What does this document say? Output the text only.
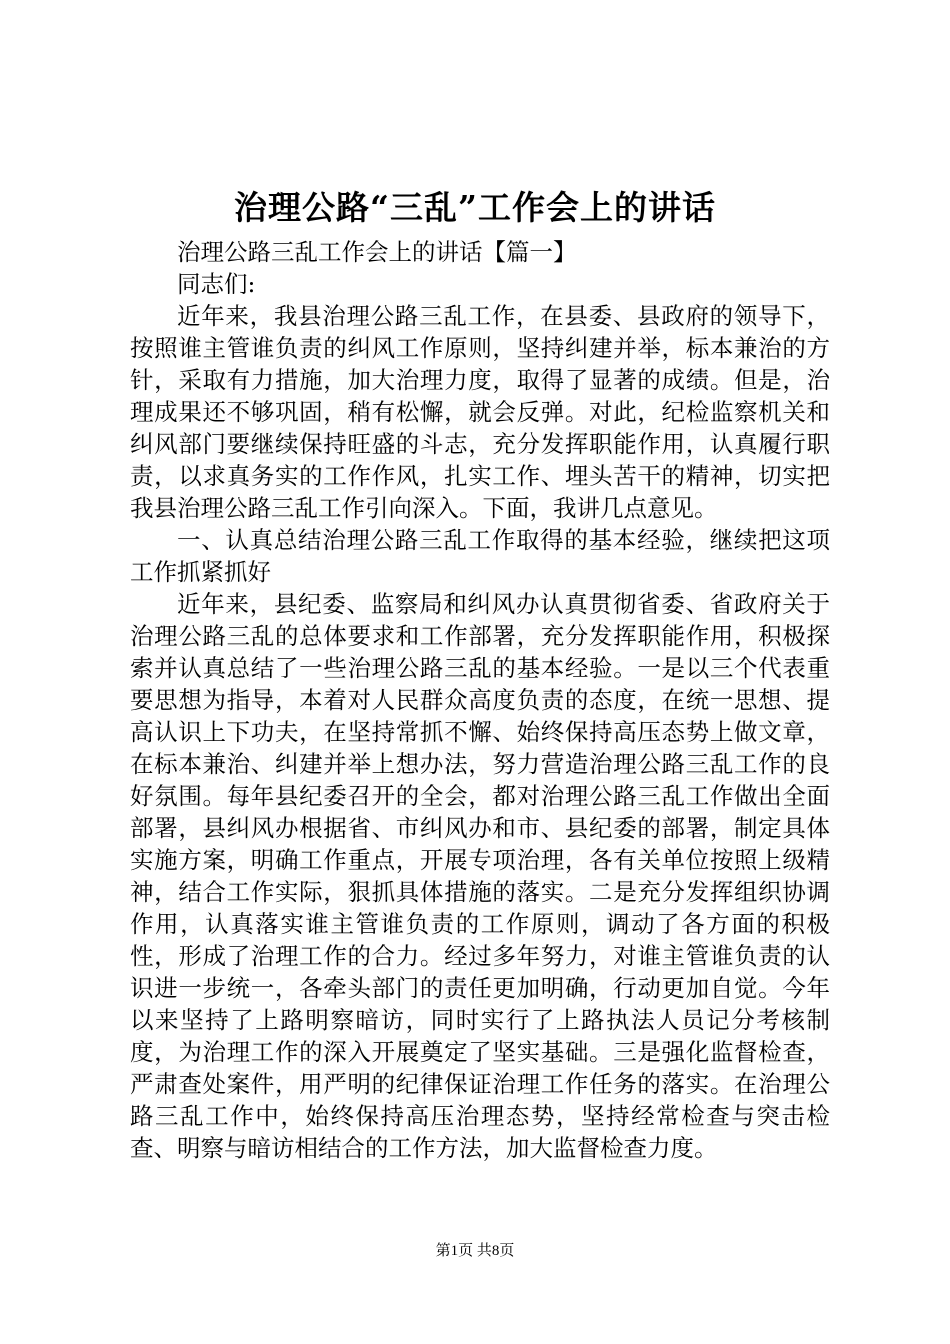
治理公路“三乱”工作会上的讲话

治理公路三乱工作会上的讲话【篇一】

同志们:

近年来，我县治理公路三乱工作，在县委、县政府的领导下，按照谁主管谁负责的纠风工作原则，坚持纠建并举，标本兼治的方针，采取有力措施，加大治理力度，取得了显著的成绩。但是，治理成果还不够巩固，稍有松懈，就会反弹。对此，纪检监察机关和纠风部门要继续保持旺盛的斗志，充分发挥职能作用，认真履行职责，以求真务实的工作作风，扎实工作、埋头苦干的精神，切实把我县治理公路三乱工作引向深入。下面，我讲几点意见。

一、认真总结治理公路三乱工作取得的基本经验，继续把这项工作抓紧抓好

近年来，县纪委、监察局和纠风办认真贯彻省委、省政府关于治理公路三乱的总体要求和工作部署，充分发挥职能作用，积极探索并认真总结了一些治理公路三乱的基本经验。一是以三个代表重要思想为指导，本着对人民群众高度负责的态度，在统一思想、提高认识上下功夫，在坚持常抓不懈、始终保持高压态势上做文章，在标本兼治、纠建并举上想办法，努力营造治理公路三乱工作的良好氛围。每年县纪委召开的全会，都对治理公路三乱工作做出全面部署，县纠风办根据省、市纠风办和市、县纪委的部署，制定具体实施方案，明确工作重点，开展专项治理，各有关单位按照上级精神，结合工作实际，狠抓具体措施的落实。二是充分发挥组织协调作用，认真落实谁主管谁负责的工作原则，调动了各方面的积极性，形成了治理工作的合力。经过多年努力，对谁主管谁负责的认识进一步统一，各牵头部门的责任更加明确，行动更加自觉。今年以来坚持了上路明察暗访，同时实行了上路执法人员记分考核制度，为治理工作的深入开展奠定了坚实基础。三是强化监督检查，严肃查处案件，用严明的纪律保证治理工作任务的落实。在治理公路三乱工作中，始终保持高压治理态势，坚持经常检查与突击检查、明察与暗访相结合的工作方法，加大监督检查力度。

第1页 共8页
